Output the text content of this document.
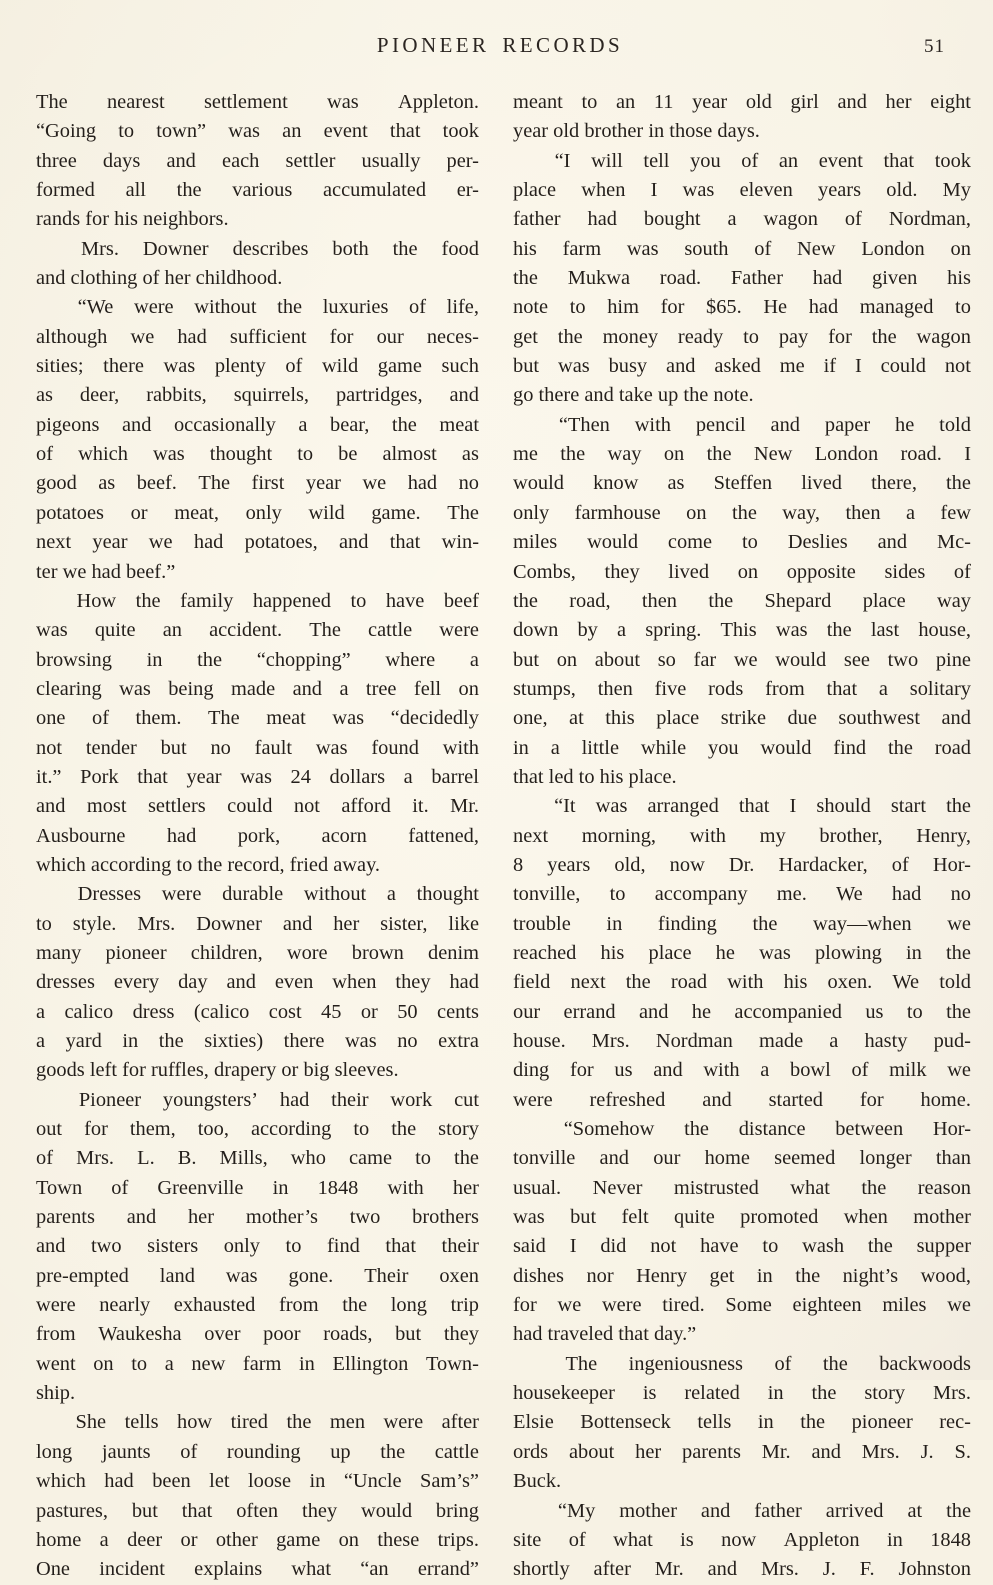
PIONEER RECORDS	51
The nearest settlement was Appleton.
“Going to town” was an event that took
three days and each settler usually per-
formed all the various accumulated er-
rands for his neighbors.
Mrs. Downer describes both the food
and clothing of her childhood.
“We were without the luxuries of life,
although we had sufficient for our neces-
sities; there was plenty of wild game such
as deer, rabbits, squirrels, partridges, and
pigeons and occasionally a bear, the meat
of which was thought to be almost as
good as beef. The first year we had no
potatoes or meat, only wild game. The
next year we had potatoes, and that win-
ter we had beef.”
How the family happened to have beef
was quite an accident. The cattle were
browsing in the “chopping” where a
clearing was being made and a tree fell on
one of them. The meat was “decidedly
not tender but no fault was found with
it.” Pork that year was 24 dollars a barrel
and most settlers could not afford it. Mr.
Ausbourne had pork, acorn fattened,
which according to the record, fried away.
Dresses were durable without a thought
to style. Mrs. Downer and her sister, like
many pioneer children, wore brown denim
dresses every day and even when they had
a calico dress (calico cost 45 or 50 cents
a yard in the sixties) there was no extra
goods left for ruffles, drapery or big sleeves.
Pioneer youngsters’ had their work cut
out for them, too, according to the story
of Mrs. L. B. Mills, who came to the
Town of Greenville in 1848 with her
parents and her mother’s two brothers
and two sisters only to find that their
pre-empted land was gone. Their oxen
were nearly exhausted from the long trip
from Waukesha over poor roads, but they
went on to a new farm in Ellington Town-
ship.
She tells how tired the men were after
long jaunts of rounding up the cattle
which had been let loose in “Uncle Sam’s”
pastures, but that often they would bring
home a deer or other game on these trips.
One incident explains what “an errand”
meant to an 11 year old girl and her eight
year old brother in those days.
“I will tell you of an event that took
place when I was eleven years old. My
father had bought a wagon of Nordman,
his farm was south of New London on
the Mukwa road. Father had given his
note to him for $65. He had managed to
get the money ready to pay for the wagon
but was busy and asked me if I could not
go there and take up the note.
“Then with pencil and paper he told
me the way on the New London road. I
would know as Steffen lived there, the
only farmhouse on the way, then a few
miles would come to Deslies and Mc-
Combs, they lived on opposite sides of
the road, then the Shepard place way
down by a spring. This was the last house,
but on about so far we would see two pine
stumps, then five rods from that a solitary
one, at this place strike due southwest and
in a little while you would find the road
that led to his place.
“It was arranged that I should start the
next morning, with my brother, Henry,
8 years old, now Dr. Hardacker, of Hor-
tonville, to accompany me. We had no
trouble in finding the way—when we
reached his place he was plowing in the
field next the road with his oxen. We told
our errand and he accompanied us to the
house. Mrs. Nordman made a hasty pud-
ding for us and with a bowl of milk we
were refreshed and started for home.
“Somehow the distance between Hor-
tonville and our home seemed longer than
usual. Never mistrusted what the reason
was but felt quite promoted when mother
said I did not have to wash the supper
dishes nor Henry get in the night’s wood,
for we were tired. Some eighteen miles we
had traveled that day.”
The ingeniousness of the backwoods
housekeeper is related in the story Mrs.
Elsie Bottenseck tells in the pioneer rec-
ords about her parents Mr. and Mrs. J. S.
Buck.
“My mother and father arrived at the
site of what is now Appleton in 1848
shortly after Mr. and Mrs. J. F. Johnston
